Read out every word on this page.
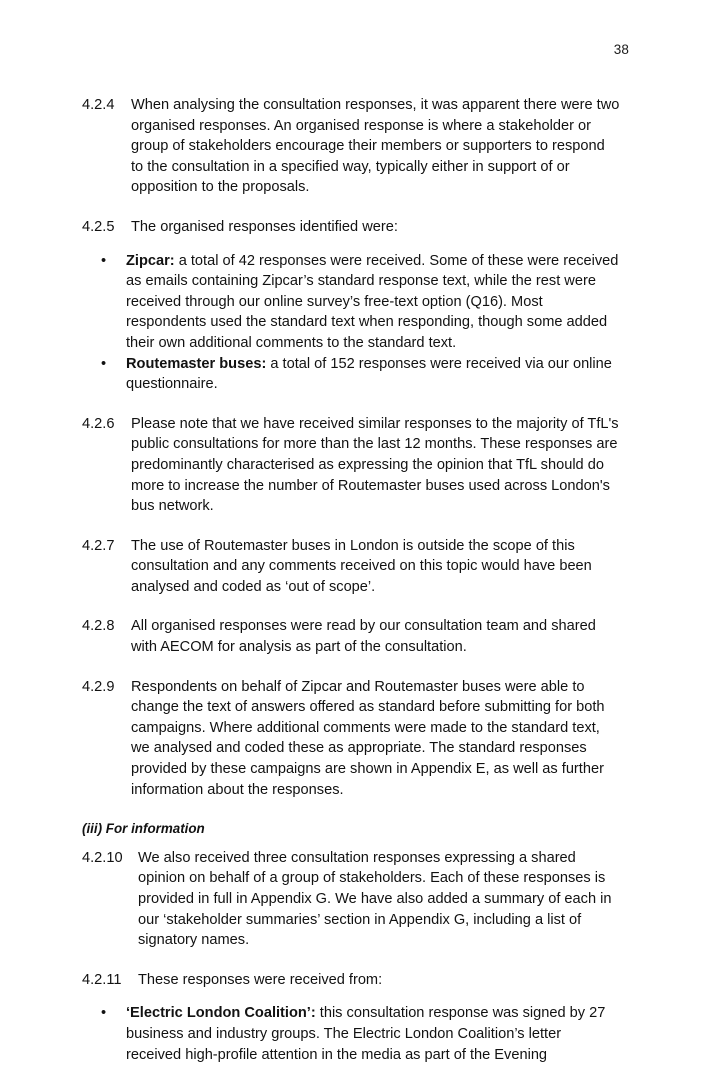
38
4.2.4	When analysing the consultation responses, it was apparent there were two organised responses. An organised response is where a stakeholder or group of stakeholders encourage their members or supporters to respond to the consultation in a specified way, typically either in support of or opposition to the proposals.
4.2.5	The organised responses identified were:
•	Zipcar: a total of 42 responses were received. Some of these were received as emails containing Zipcar’s standard response text, while the rest were received through our online survey’s free-text option (Q16). Most respondents used the standard text when responding, though some added their own additional comments to the standard text.
•	Routemaster buses: a total of 152 responses were received via our online questionnaire.
4.2.6	Please note that we have received similar responses to the majority of TfL's public consultations for more than the last 12 months. These responses are predominantly characterised as expressing the opinion that TfL should do more to increase the number of Routemaster buses used across London's bus network.
4.2.7	The use of Routemaster buses in London is outside the scope of this consultation and any comments received on this topic would have been analysed and coded as ‘out of scope’.
4.2.8	All organised responses were read by our consultation team and shared with AECOM for analysis as part of the consultation.
4.2.9	Respondents on behalf of Zipcar and Routemaster buses were able to change the text of answers offered as standard before submitting for both campaigns. Where additional comments were made to the standard text, we analysed and coded these as appropriate. The standard responses provided by these campaigns are shown in Appendix E, as well as further information about the responses.
(iii) For information
4.2.10	We also received three consultation responses expressing a shared opinion on behalf of a group of stakeholders. Each of these responses is provided in full in Appendix G. We have also added a summary of each in our ‘stakeholder summaries’ section in Appendix G, including a list of signatory names.
4.2.11	These responses were received from:
•	‘Electric London Coalition’: this consultation response was signed by 27 business and industry groups. The Electric London Coalition’s letter received high-profile attention in the media as part of the Evening
